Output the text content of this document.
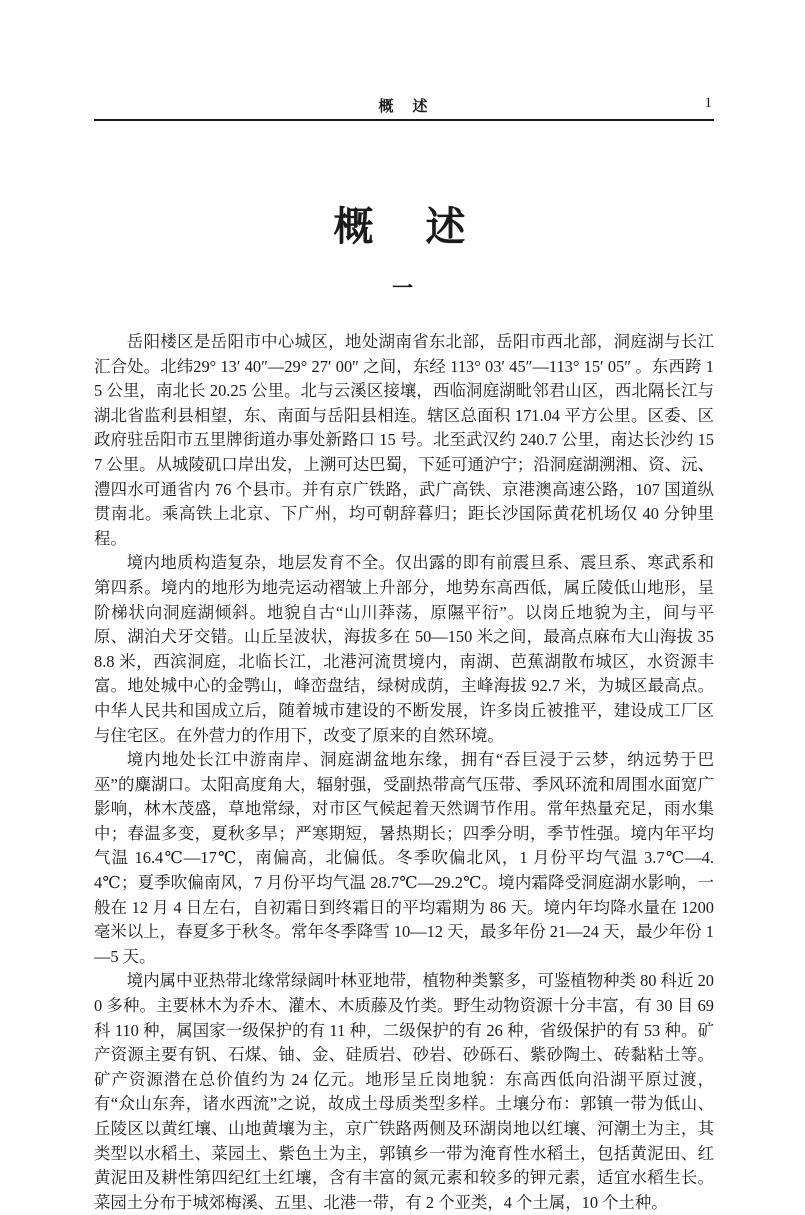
概　述	1
概　述
一

岳阳楼区是岳阳市中心城区，地处湖南省东北部，岳阳市西北部，洞庭湖与长江汇合处。北纬29° 13′ 40″—29° 27′ 00″ 之间，东经 113° 03′ 45″—113° 15′ 05″ 。东西跨 15 公里，南北长 20.25 公里。北与云溪区接壤，西临洞庭湖毗邻君山区，西北隔长江与湖北省监利县相望，东、南面与岳阳县相连。辖区总面积 171.04 平方公里。区委、区政府驻岳阳市五里牌街道办事处新路口 15 号。北至武汉约 240.7 公里，南达长沙约 157 公里。从城陵矶口岸出发，上溯可达巴蜀，下延可通沪宁；沿洞庭湖溯湘、资、沅、澧四水可通省内 76 个县市。并有京广铁路，武广高铁、京港澳高速公路，107 国道纵贯南北。乘高铁上北京、下广州，均可朝辞暮归；距长沙国际黄花机场仅 40 分钟里程。

境内地质构造复杂，地层发育不全。仅出露的即有前震旦系、震旦系、寒武系和第四系。境内的地形为地壳运动褶皱上升部分，地势东高西低，属丘陵低山地形，呈阶梯状向洞庭湖倾斜。地貌自古“山川莽荡，原隰平衍”。以岗丘地貌为主，间与平原、湖泊犬牙交错。山丘呈波状，海拔多在 50—150 米之间，最高点麻布大山海拔 358.8 米，西滨洞庭，北临长江，北港河流贯境内，南湖、芭蕉湖散布城区，水资源丰富。地处城中心的金鹗山，峰峦盘结，绿树成荫，主峰海拔 92.7 米，为城区最高点。中华人民共和国成立后，随着城市建设的不断发展，许多岗丘被推平，建设成工厂区与住宅区。在外营力的作用下，改变了原来的自然环境。

境内地处长江中游南岸、洞庭湖盆地东缘，拥有“吞巨浸于云梦，纳远势于巴巫”的麋湖口。太阳高度角大，辐射强，受副热带高气压带、季风环流和周围水面宽广影响，林木茂盛，草地常绿，对市区气候起着天然调节作用。常年热量充足，雨水集中；春温多变，夏秋多旱；严寒期短，暑热期长；四季分明，季节性强。境内年平均气温 16.4℃—17℃，南偏高，北偏低。冬季吹偏北风，1 月份平均气温 3.7℃—4.4℃；夏季吹偏南风，7 月份平均气温 28.7℃—29.2℃。境内霜降受洞庭湖水影响，一般在 12 月 4 日左右，自初霜日到终霜日的平均霜期为 86 天。境内年均降水量在 1200 毫米以上，春夏多于秋冬。常年冬季降雪 10—12 天，最多年份 21—24 天，最少年份 1—5 天。

境内属中亚热带北缘常绿阔叶林亚地带，植物种类繁多，可鉴植物种类 80 科近 200 多种。主要林木为乔木、灌木、木质藤及竹类。野生动物资源十分丰富，有 30 目 69 科 110 种，属国家一级保护的有 11 种，二级保护的有 26 种，省级保护的有 53 种。矿产资源主要有钒、石煤、铀、金、硅质岩、砂岩、砂砾石、紫砂陶土、砖黏粘土等。矿产资源潜在总价值约为 24 亿元。地形呈丘岗地貌：东高西低向沿湖平原过渡，有“众山东奔，诸水西流”之说，故成土母质类型多样。土壤分布：郭镇一带为低山、丘陵区以黄红壤、山地黄壤为主，京广铁路两侧及环湖岗地以红壤、河潮土为主，其类型以水稻土、菜园土、紫色土为主，郭镇乡一带为淹育性水稻土，包括黄泥田、红黄泥田及耕性第四纪红土红壤，含有丰富的氮元素和较多的钾元素，适宜水稻生长。菜园土分布于城郊梅溪、五里、北港一带，有 2 个亚类，4 个土属，10 个土种。
